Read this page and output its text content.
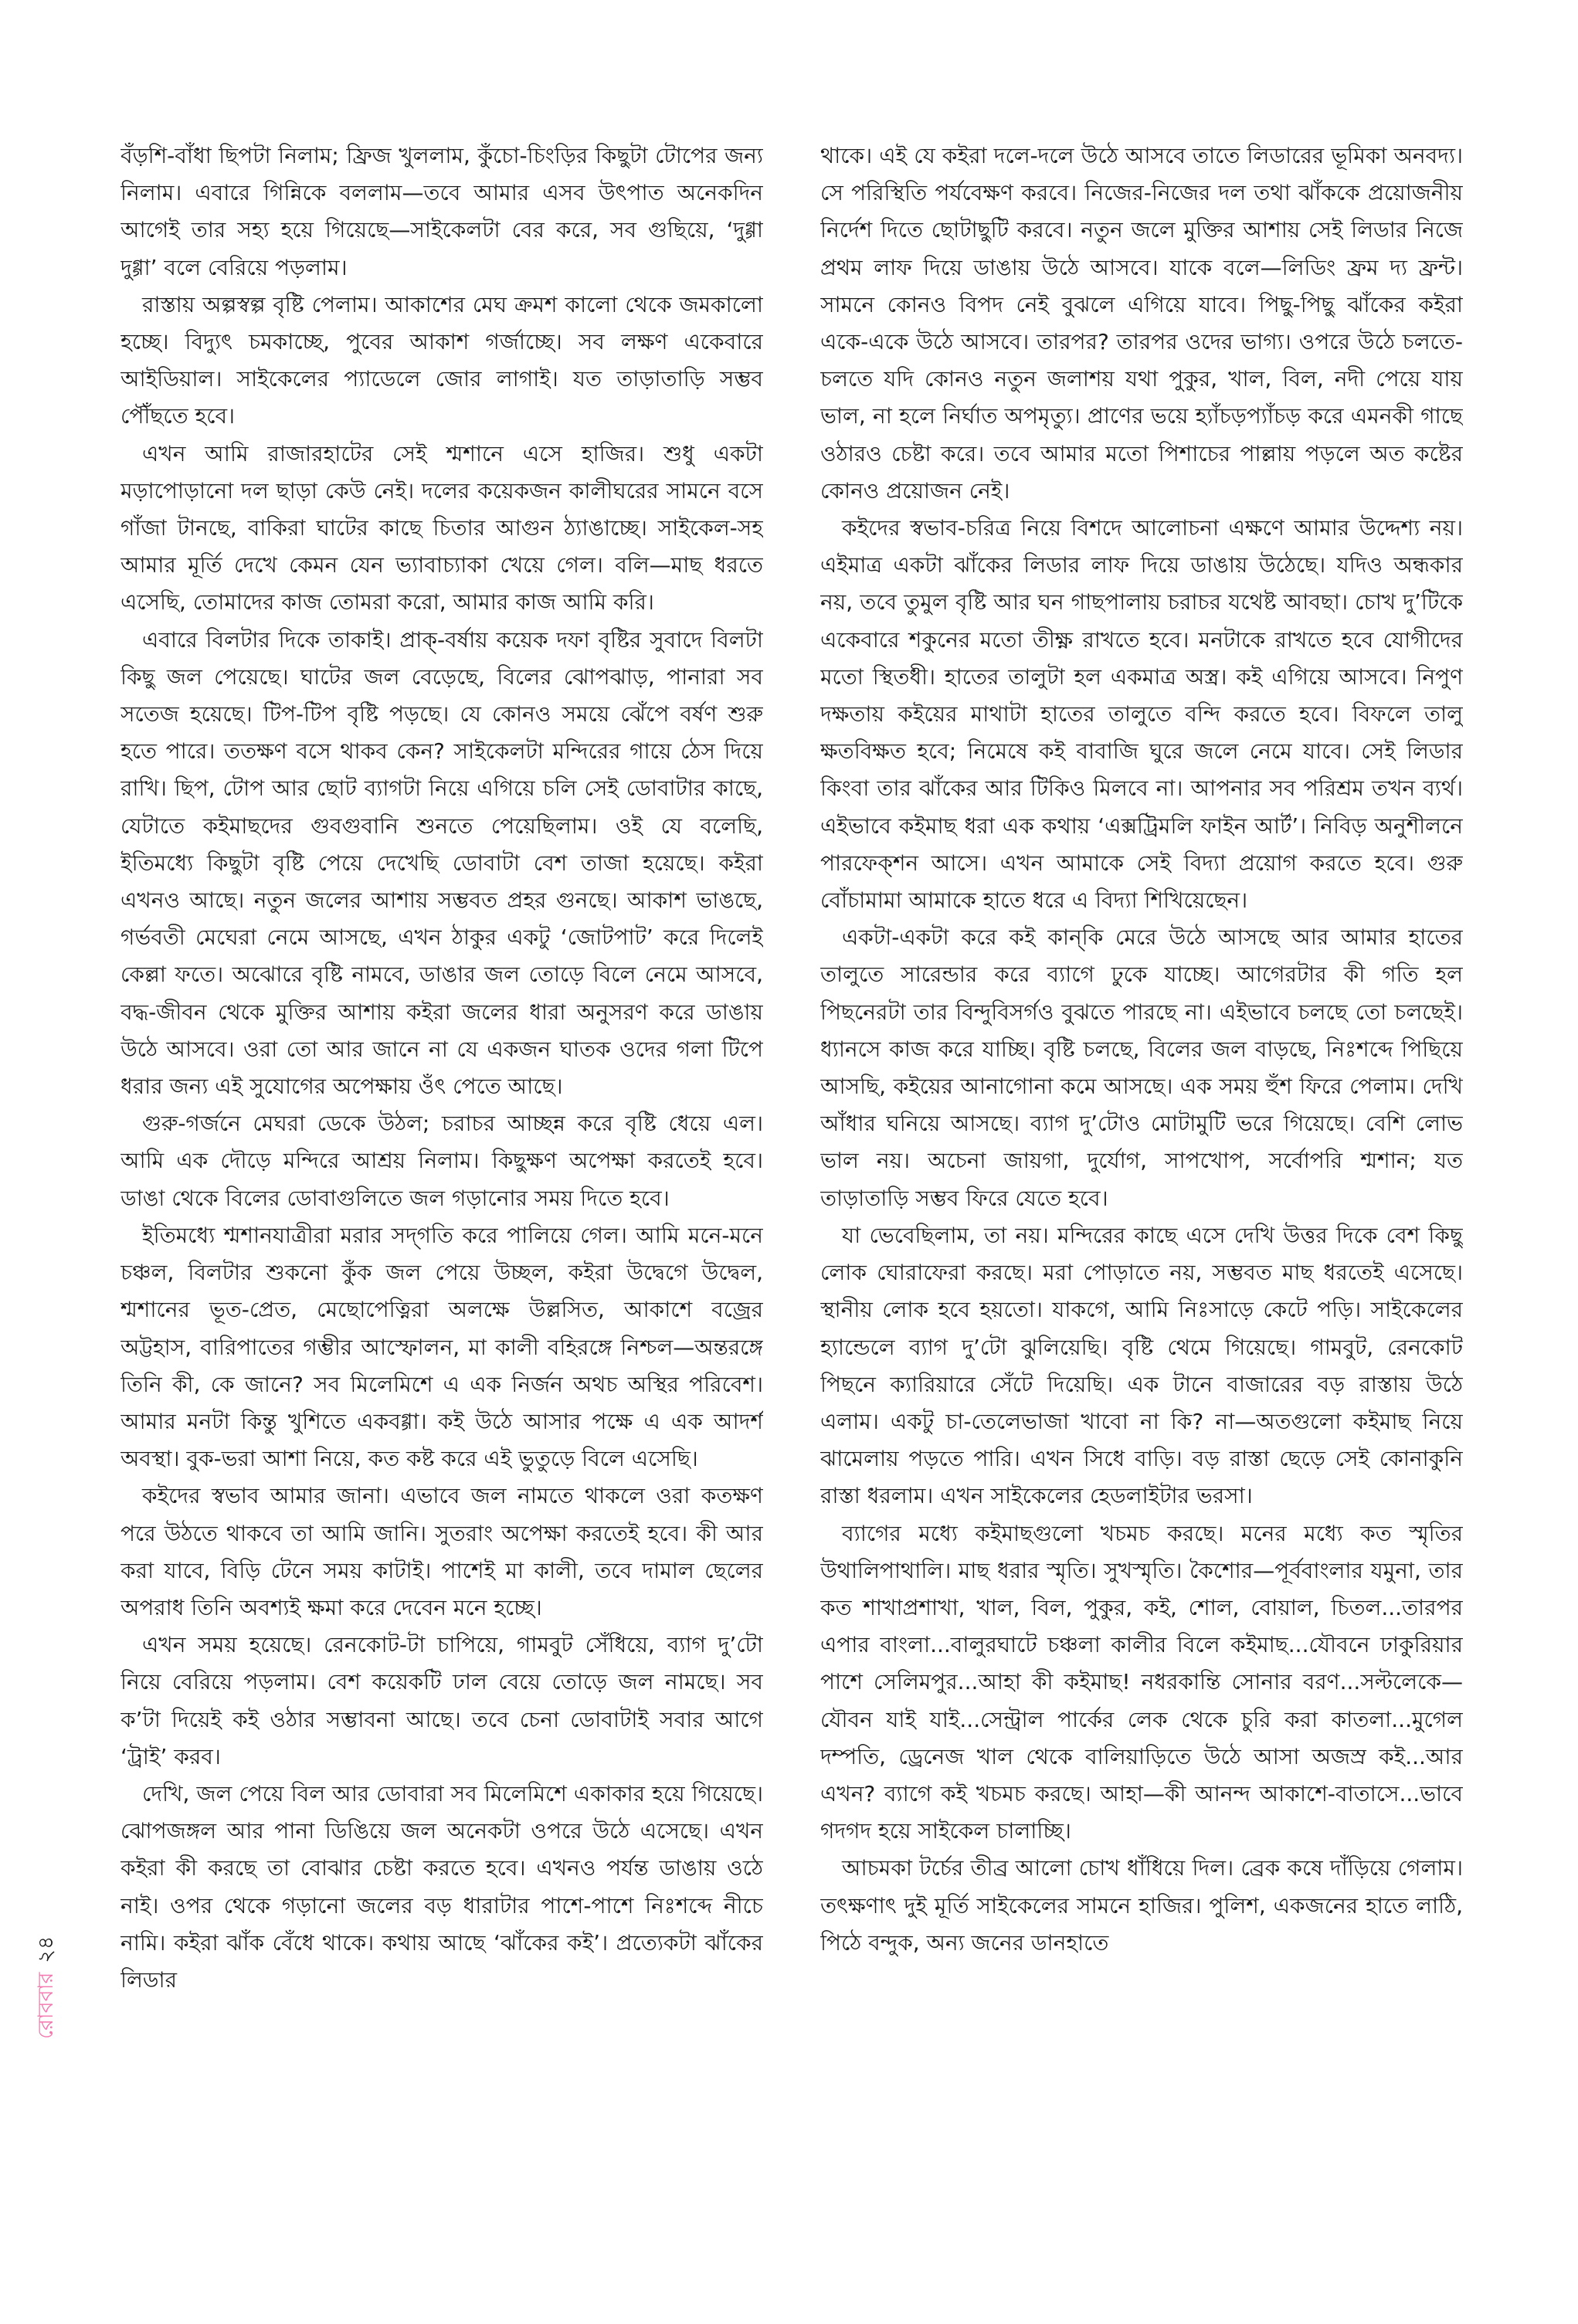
বঁড়শি-বাঁধা ছিপটা নিলাম; ফ্রিজ খুললাম, কুঁচো-চিংড়ির কিছুটা টোপের জন্য নিলাম। এবারে গিন্নিকে বললাম—তবে আমার এসব উৎপাত অনেকদিন আগেই তার সহ্য হয়ে গিয়েছে—সাইকেলটা বের করে, সব গুছিয়ে, ‘দুগ্গা দুগ্গা’ বলে বেরিয়ে পড়লাম।

রাস্তায় অল্পস্বল্প বৃষ্টি পেলাম। আকাশের মেঘ ক্রমশ কালো থেকে জমকালো হচ্ছে। বিদ্যুৎ চমকাচ্ছে, পুবের আকাশ গর্জাচ্ছে। সব লক্ষণ একেবারে আইডিয়াল। সাইকেলের প্যাডেলে জোর লাগাই। যত তাড়াতাড়ি সম্ভব পৌঁছতে হবে।

এখন আমি রাজারহাটের সেই শ্মশানে এসে হাজির। শুধু একটা মড়াপোড়ানো দল ছাড়া কেউ নেই। দলের কয়েকজন কালীঘরের সামনে বসে গাঁজা টানছে, বাকিরা ঘাটের কাছে চিতার আগুন ঠ্যাঙাচ্ছে। সাইকেল-সহ আমার মূর্তি দেখে কেমন যেন ভ্যাবাচ্যাকা খেয়ে গেল। বলি—মাছ ধরতে এসেছি, তোমাদের কাজ তোমরা করো, আমার কাজ আমি করি।

এবারে বিলটার দিকে তাকাই। প্রাক্‌-বর্ষায় কয়েক দফা বৃষ্টির সুবাদে বিলটা কিছু জল পেয়েছে। ঘাটের জল বেড়েছে, বিলের ঝোপঝাড়, পানারা সব সতেজ হয়েছে। টিপ-টিপ বৃষ্টি পড়ছে। যে কোনও সময়ে ঝেঁপে বর্ষণ শুরু হতে পারে। ততক্ষণ বসে থাকব কেন? সাইকেলটা মন্দিরের গায়ে ঠেস দিয়ে রাখি। ছিপ, টোপ আর ছোট ব্যাগটা নিয়ে এগিয়ে চলি সেই ডোবাটার কাছে, যেটাতে কইমাছদের গুবগুবানি শুনতে পেয়েছিলাম। ওই যে বলেছি, ইতিমধ্যে কিছুটা বৃষ্টি পেয়ে দেখেছি ডোবাটা বেশ তাজা হয়েছে। কইরা এখনও আছে। নতুন জলের আশায় সম্ভবত প্রহর গুনছে। আকাশ ভাঙছে, গর্ভবতী মেঘেরা নেমে আসছে, এখন ঠাকুর একটু ‘জোটপাট’ করে দিলেই কেল্লা ফতে। অঝোরে বৃষ্টি নামবে, ডাঙার জল তোড়ে বিলে নেমে আসবে, বদ্ধ-জীবন থেকে মুক্তির আশায় কইরা জলের ধারা অনুসরণ করে ডাঙায় উঠে আসবে। ওরা তো আর জানে না যে একজন ঘাতক ওদের গলা টিপে ধরার জন্য এই সুযোগের অপেক্ষায় ওঁৎ পেতে আছে।

গুরু-গর্জনে মেঘরা ডেকে উঠল; চরাচর আচ্ছন্ন করে বৃষ্টি ধেয়ে এল। আমি এক দৌড়ে মন্দিরে আশ্রয় নিলাম। কিছুক্ষণ অপেক্ষা করতেই হবে। ডাঙা থেকে বিলের ডোবাগুলিতে জল গড়ানোর সময় দিতে হবে।

ইতিমধ্যে শ্মশানযাত্রীরা মরার সদ্‌গতি করে পালিয়ে গেল। আমি মনে-মনে চঞ্চল, বিলটার শুকনো কুঁক জল পেয়ে উচ্ছল, কইরা উদ্বেগে উদ্বেল, শ্মশানের ভূত-প্রেত, মেছোপেত্নিরা অলক্ষে উল্লসিত, আকাশে বজ্রের অট্টহাস, বারিপাতের গম্ভীর আস্ফোলন, মা কালী বহিরঙ্গে নিশ্চল—অন্তরঙ্গে তিনি কী, কে জানে? সব মিলেমিশে এ এক নির্জন অথচ অস্থির পরিবেশ। আমার মনটা কিন্তু খুশিতে একবগ্গা। কই উঠে আসার পক্ষে এ এক আদর্শ অবস্থা। বুক-ভরা আশা নিয়ে, কত কষ্ট করে এই ভুতুড়ে বিলে এসেছি।

কইদের স্বভাব আমার জানা। এভাবে জল নামতে থাকলে ওরা কতক্ষণ পরে উঠতে থাকবে তা আমি জানি। সুতরাং অপেক্ষা করতেই হবে। কী আর করা যাবে, বিড়ি টেনে সময় কাটাই। পাশেই মা কালী, তবে দামাল ছেলের অপরাধ তিনি অবশ্যই ক্ষমা করে দেবেন মনে হচ্ছে।

এখন সময় হয়েছে। রেনকোট-টা চাপিয়ে, গামবুট সেঁধিয়ে, ব্যাগ দু’টো নিয়ে বেরিয়ে পড়লাম। বেশ কয়েকটি ঢাল বেয়ে তোড়ে জল নামছে। সব ক’টা দিয়েই কই ওঠার সম্ভাবনা আছে। তবে চেনা ডোবাটাই সবার আগে ‘ট্রাই’ করব।

দেখি, জল পেয়ে বিল আর ডোবারা সব মিলেমিশে একাকার হয়ে গিয়েছে। ঝোপজঙ্গল আর পানা ডিঙিয়ে জল অনেকটা ওপরে উঠে এসেছে। এখন কইরা কী করছে তা বোঝার চেষ্টা করতে হবে। এখনও পর্যন্ত ডাঙায় ওঠে নাই। ওপর থেকে গড়ানো জলের বড় ধারাটার পাশে-পাশে নিঃশব্দে নীচে নামি। কইরা ঝাঁক বেঁধে থাকে। কথায় আছে ‘ঝাঁকের কই’। প্রত্যেকটা ঝাঁকের লিডার

থাকে। এই যে কইরা দলে-দলে উঠে আসবে তাতে লিডারের ভূমিকা অনবদ্য। সে পরিস্থিতি পর্যবেক্ষণ করবে। নিজের-নিজের দল তথা ঝাঁককে প্রয়োজনীয় নির্দেশ দিতে ছোটাছুটি করবে। নতুন জলে মুক্তির আশায় সেই লিডার নিজে প্রথম লাফ দিয়ে ডাঙায় উঠে আসবে। যাকে বলে—লিডিং ফ্রম দ্য ফ্রন্ট। সামনে কোনও বিপদ নেই বুঝলে এগিয়ে যাবে। পিছু-পিছু ঝাঁকের কইরা একে-একে উঠে আসবে। তারপর? তারপর ওদের ভাগ্য। ওপরে উঠে চলতে-চলতে যদি কোনও নতুন জলাশয় যথা পুকুর, খাল, বিল, নদী পেয়ে যায় ভাল, না হলে নির্ঘাত অপমৃত্যু। প্রাণের ভয়ে হ্যাঁচড়প্যাঁচড় করে এমনকী গাছে ওঠারও চেষ্টা করে। তবে আমার মতো পিশাচের পাল্লায় পড়লে অত কষ্টের কোনও প্রয়োজন নেই।

কইদের স্বভাব-চরিত্র নিয়ে বিশদে আলোচনা এক্ষণে আমার উদ্দেশ্য নয়। এইমাত্র একটা ঝাঁকের লিডার লাফ দিয়ে ডাঙায় উঠেছে। যদিও অন্ধকার নয়, তবে তুমুল বৃষ্টি আর ঘন গাছপালায় চরাচর যথেষ্ট আবছা। চোখ দু’টিকে একেবারে শকুনের মতো তীক্ষ্ণ রাখতে হবে। মনটাকে রাখতে হবে যোগীদের মতো স্থিতধী। হাতের তালুটা হল একমাত্র অস্ত্র। কই এগিয়ে আসবে। নিপুণ দক্ষতায় কইয়ের মাথাটা হাতের তালুতে বন্দি করতে হবে। বিফলে তালু ক্ষতবিক্ষত হবে; নিমেষে কই বাবাজি ঘুরে জলে নেমে যাবে। সেই লিডার কিংবা তার ঝাঁকের আর টিকিও মিলবে না। আপনার সব পরিশ্রম তখন ব্যর্থ। এইভাবে কইমাছ ধরা এক কথায় ‘এক্সট্রিমলি ফাইন আর্ট’। নিবিড় অনুশীলনে পারফেক্শন আসে। এখন আমাকে সেই বিদ্যা প্রয়োগ করতে হবে। গুরু বোঁচামামা আমাকে হাতে ধরে এ বিদ্যা শিখিয়েছেন।

একটা-একটা করে কই কান্‌কি মেরে উঠে আসছে আর আমার হাতের তালুতে সারেন্ডার করে ব্যাগে ঢুকে যাচ্ছে। আগেরটার কী গতি হল পিছনেরটা তার বিন্দুবিসর্গও বুঝতে পারছে না। এইভাবে চলছে তো চলছেই। ধ্যানসে কাজ করে যাচ্ছি। বৃষ্টি চলছে, বিলের জল বাড়ছে, নিঃশব্দে পিছিয়ে আসছি, কইয়ের আনাগোনা কমে আসছে। এক সময় হুঁশ ফিরে পেলাম। দেখি আঁধার ঘনিয়ে আসছে। ব্যাগ দু’টোও মোটামুটি ভরে গিয়েছে। বেশি লোভ ভাল নয়। অচেনা জায়গা, দুর্যোগ, সাপখোপ, সর্বোপরি শ্মশান; যত তাড়াতাড়ি সম্ভব ফিরে যেতে হবে।

যা ভেবেছিলাম, তা নয়। মন্দিরের কাছে এসে দেখি উত্তর দিকে বেশ কিছু লোক ঘোরাফেরা করছে। মরা পোড়াতে নয়, সম্ভবত মাছ ধরতেই এসেছে। স্থানীয় লোক হবে হয়তো। যাকগে, আমি নিঃসাড়ে কেটে পড়ি। সাইকেলের হ্যান্ডেলে ব্যাগ দু’টো ঝুলিয়েছি। বৃষ্টি থেমে গিয়েছে। গামবুট, রেনকোট পিছনে ক্যারিয়ারে সেঁটে দিয়েছি। এক টানে বাজারের বড় রাস্তায় উঠে এলাম। একটু চা-তেলেভাজা খাবো না কি? না—অতগুলো কইমাছ নিয়ে ঝামেলায় পড়তে পারি। এখন সিধে বাড়ি। বড় রাস্তা ছেড়ে সেই কোনাকুনি রাস্তা ধরলাম। এখন সাইকেলের হেডলাইটার ভরসা।

ব্যাগের মধ্যে কইমাছগুলো খচমচ করছে। মনের মধ্যে কত স্মৃতির উথালিপাথালি। মাছ ধরার স্মৃতি। সুখস্মৃতি। কৈশোর—পূর্ববাংলার যমুনা, তার কত শাখাপ্রশাখা, খাল, বিল, পুকুর, কই, শোল, বোয়াল, চিতল...তারপর এপার বাংলা...বালুরঘাটে চঞ্চলা কালীর বিলে কইমাছ...যৌবনে ঢাকুরিয়ার পাশে সেলিমপুর...আহা কী কইমাছ! নধরকান্তি সোনার বরণ...সল্টলেকে—যৌবন যাই যাই...সেন্ট্রাল পার্কের লেক থেকে চুরি করা কাতলা...মুগেল দম্পতি, ড্রেনেজ খাল থেকে বালিয়াড়িতে উঠে আসা অজস্র কই...আর এখন? ব্যাগে কই খচমচ করছে। আহা—কী আনন্দ আকাশে-বাতাসে...ভাবে গদগদ হয়ে সাইকেল চালাচ্ছি।

আচমকা টর্চের তীব্র আলো চোখ ধাঁধিয়ে দিল। ব্রেক কষে দাঁড়িয়ে গেলাম। তৎক্ষণাৎ দুই মূর্তি সাইকেলের সামনে হাজির। পুলিশ, একজনের হাতে লাঠি, পিঠে বন্দুক, অন্য জনের ডানহাতে

রোববার২৪
